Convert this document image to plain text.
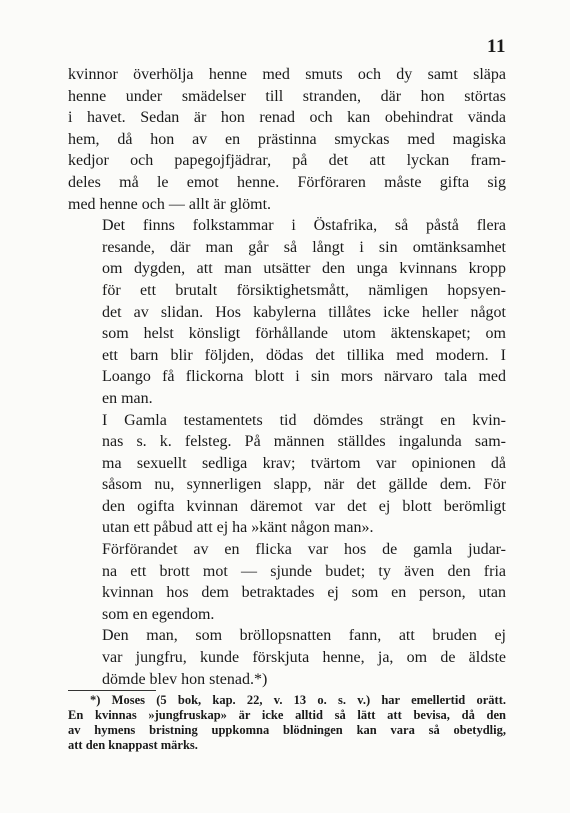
11
kvinnor överhölja henne med smuts och dy samt släpa
henne under smädelser till stranden, där hon störtas
i havet. Sedan är hon renad och kan obehindrat vända
hem, då hon av en prästinna smyckas med magiska
kedjor och papegojfjädrar, på det att lyckan fram-
deles må le emot henne. Förföraren måste gifta sig
med henne och — allt är glömt.
Det finns folkstammar i Östafrika, så påstå flera
resande, där man går så långt i sin omtänksamhet
om dygden, att man utsätter den unga kvinnans kropp
för ett brutalt försiktighetsmått, nämligen hopsyen-
det av slidan. Hos kabylerna tillåtes icke heller något
som helst könsligt förhållande utom äktenskapet; om
ett barn blir följden, dödas det tillika med modern. I
Loango få flickorna blott i sin mors närvaro tala med
en man.
I Gamla testamentets tid dömdes strängt en kvin-
nas s. k. felsteg. På männen ställdes ingalunda sam-
ma sexuellt sedliga krav; tvärtom var opinionen då
såsom nu, synnerligen slapp, när det gällde dem. För
den ogifta kvinnan däremot var det ej blott berömligt
utan ett påbud att ej ha »känt någon man».
Förförandet av en flicka var hos de gamla judar-
na ett brott mot — sjunde budet; ty även den fria
kvinnan hos dem betraktades ej som en person, utan
som en egendom.
Den man, som bröllopsnatten fann, att bruden ej
var jungfru, kunde förskjuta henne, ja, om de äldste
dömde blev hon stenad.*)
*) Moses (5 bok, kap. 22, v. 13 o. s. v.) har emellertid orätt.
En kvinnas »jungfruskap» är icke alltid så lätt att bevisa, då den
av hymens bristning uppkomna blödningen kan vara så obetydlig,
att den knappast märks.
